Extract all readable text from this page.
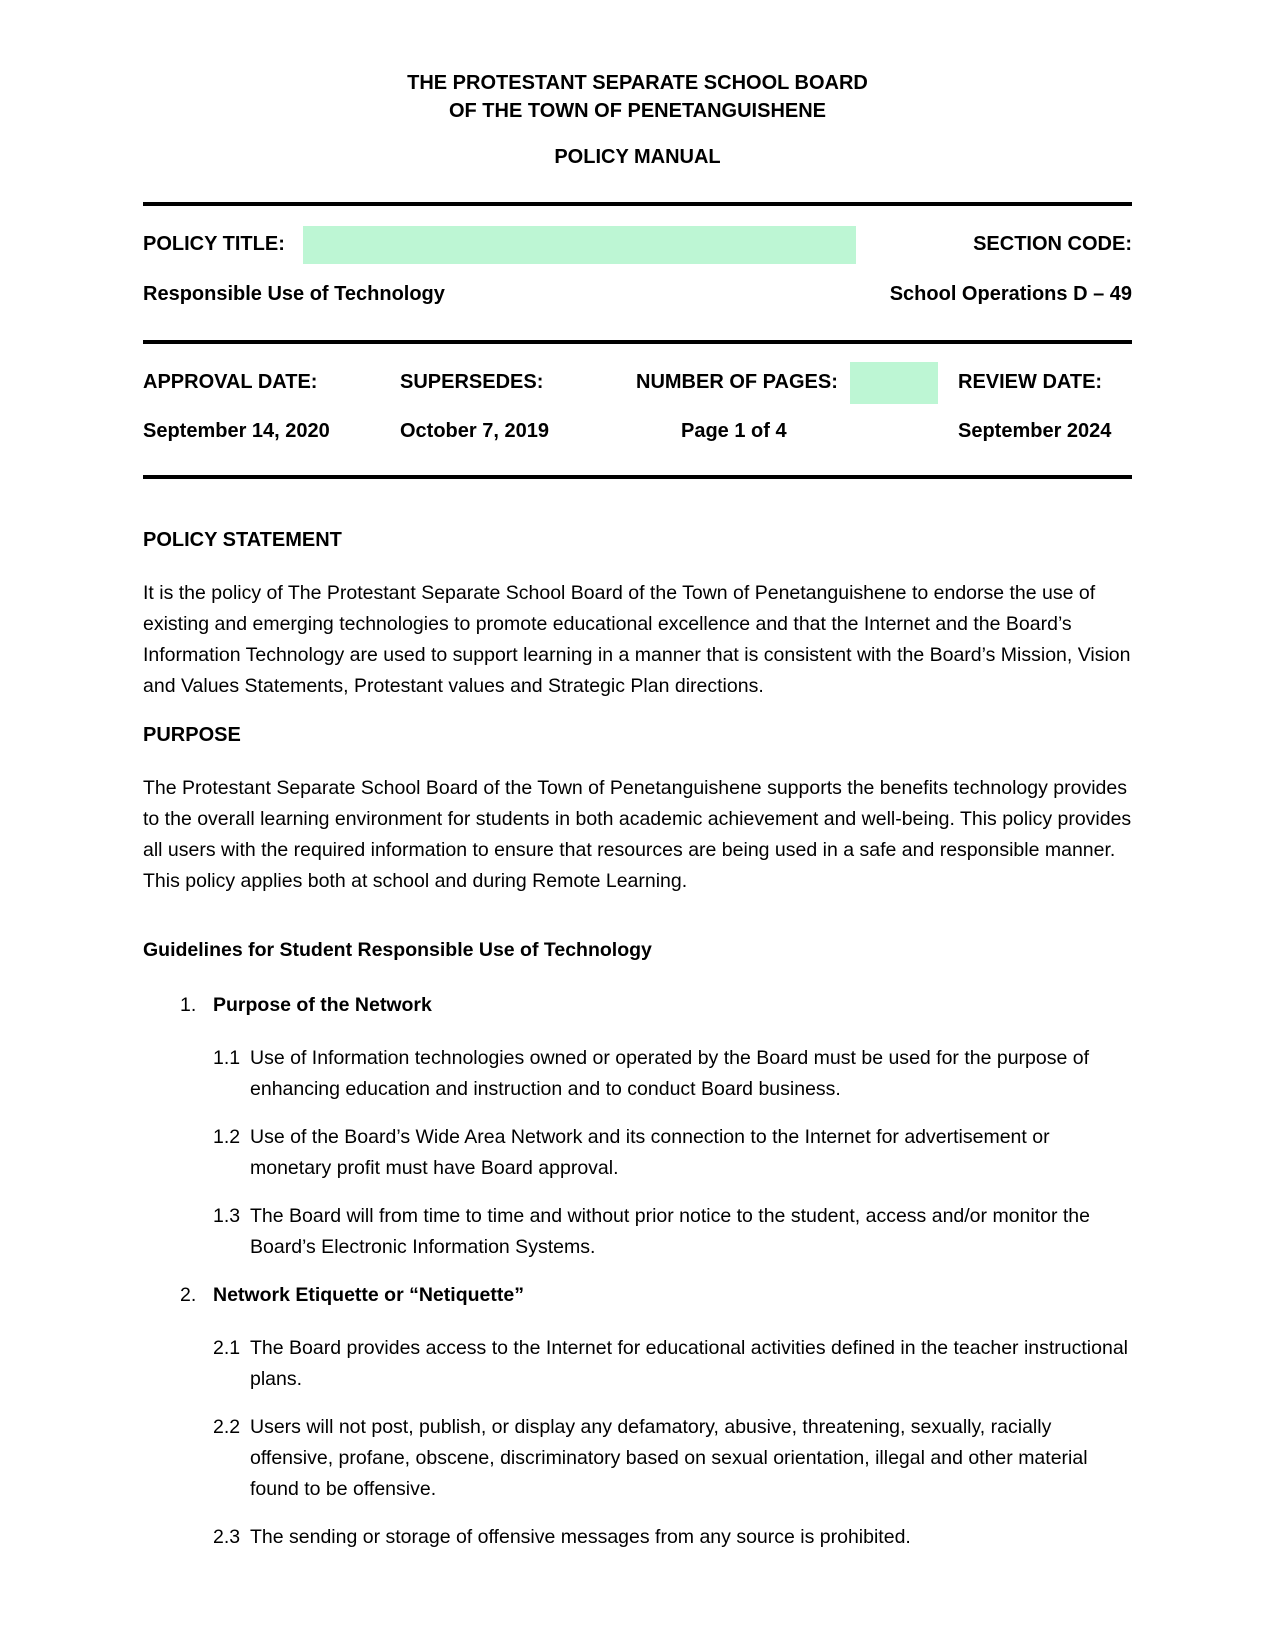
THE PROTESTANT SEPARATE SCHOOL BOARD
OF THE TOWN OF PENETANGUISHENE
POLICY MANUAL
POLICY TITLE:	SECTION CODE:
Responsible Use of Technology	School Operations D – 49
APPROVAL DATE:	SUPERSEDES:	NUMBER OF PAGES:	REVIEW DATE:
September 14, 2020	October 7, 2019	Page 1 of 4	September 2024
POLICY STATEMENT

It is the policy of The Protestant Separate School Board of the Town of Penetanguishene to endorse the use of existing and emerging technologies to promote educational excellence and that the Internet and the Board’s Information Technology are used to support learning in a manner that is consistent with the Board’s Mission, Vision and Values Statements, Protestant values and Strategic Plan directions.

PURPOSE

The Protestant Separate School Board of the Town of Penetanguishene supports the benefits technology provides to the overall learning environment for students in both academic achievement and well-being. This policy provides all users with the required information to ensure that resources are being used in a safe and responsible manner. This policy applies both at school and during Remote Learning.

Guidelines for Student Responsible Use of Technology
1. Purpose of the Network
1.1 Use of Information technologies owned or operated by the Board must be used for the purpose of enhancing education and instruction and to conduct Board business.
1.2 Use of the Board’s Wide Area Network and its connection to the Internet for advertisement or monetary profit must have Board approval.
1.3 The Board will from time to time and without prior notice to the student, access and/or monitor the Board’s Electronic Information Systems.
2. Network Etiquette or “Netiquette”
2.1 The Board provides access to the Internet for educational activities defined in the teacher instructional plans.
2.2 Users will not post, publish, or display any defamatory, abusive, threatening, sexually, racially offensive, profane, obscene, discriminatory based on sexual orientation, illegal and other material found to be offensive.
2.3 The sending or storage of offensive messages from any source is prohibited.
